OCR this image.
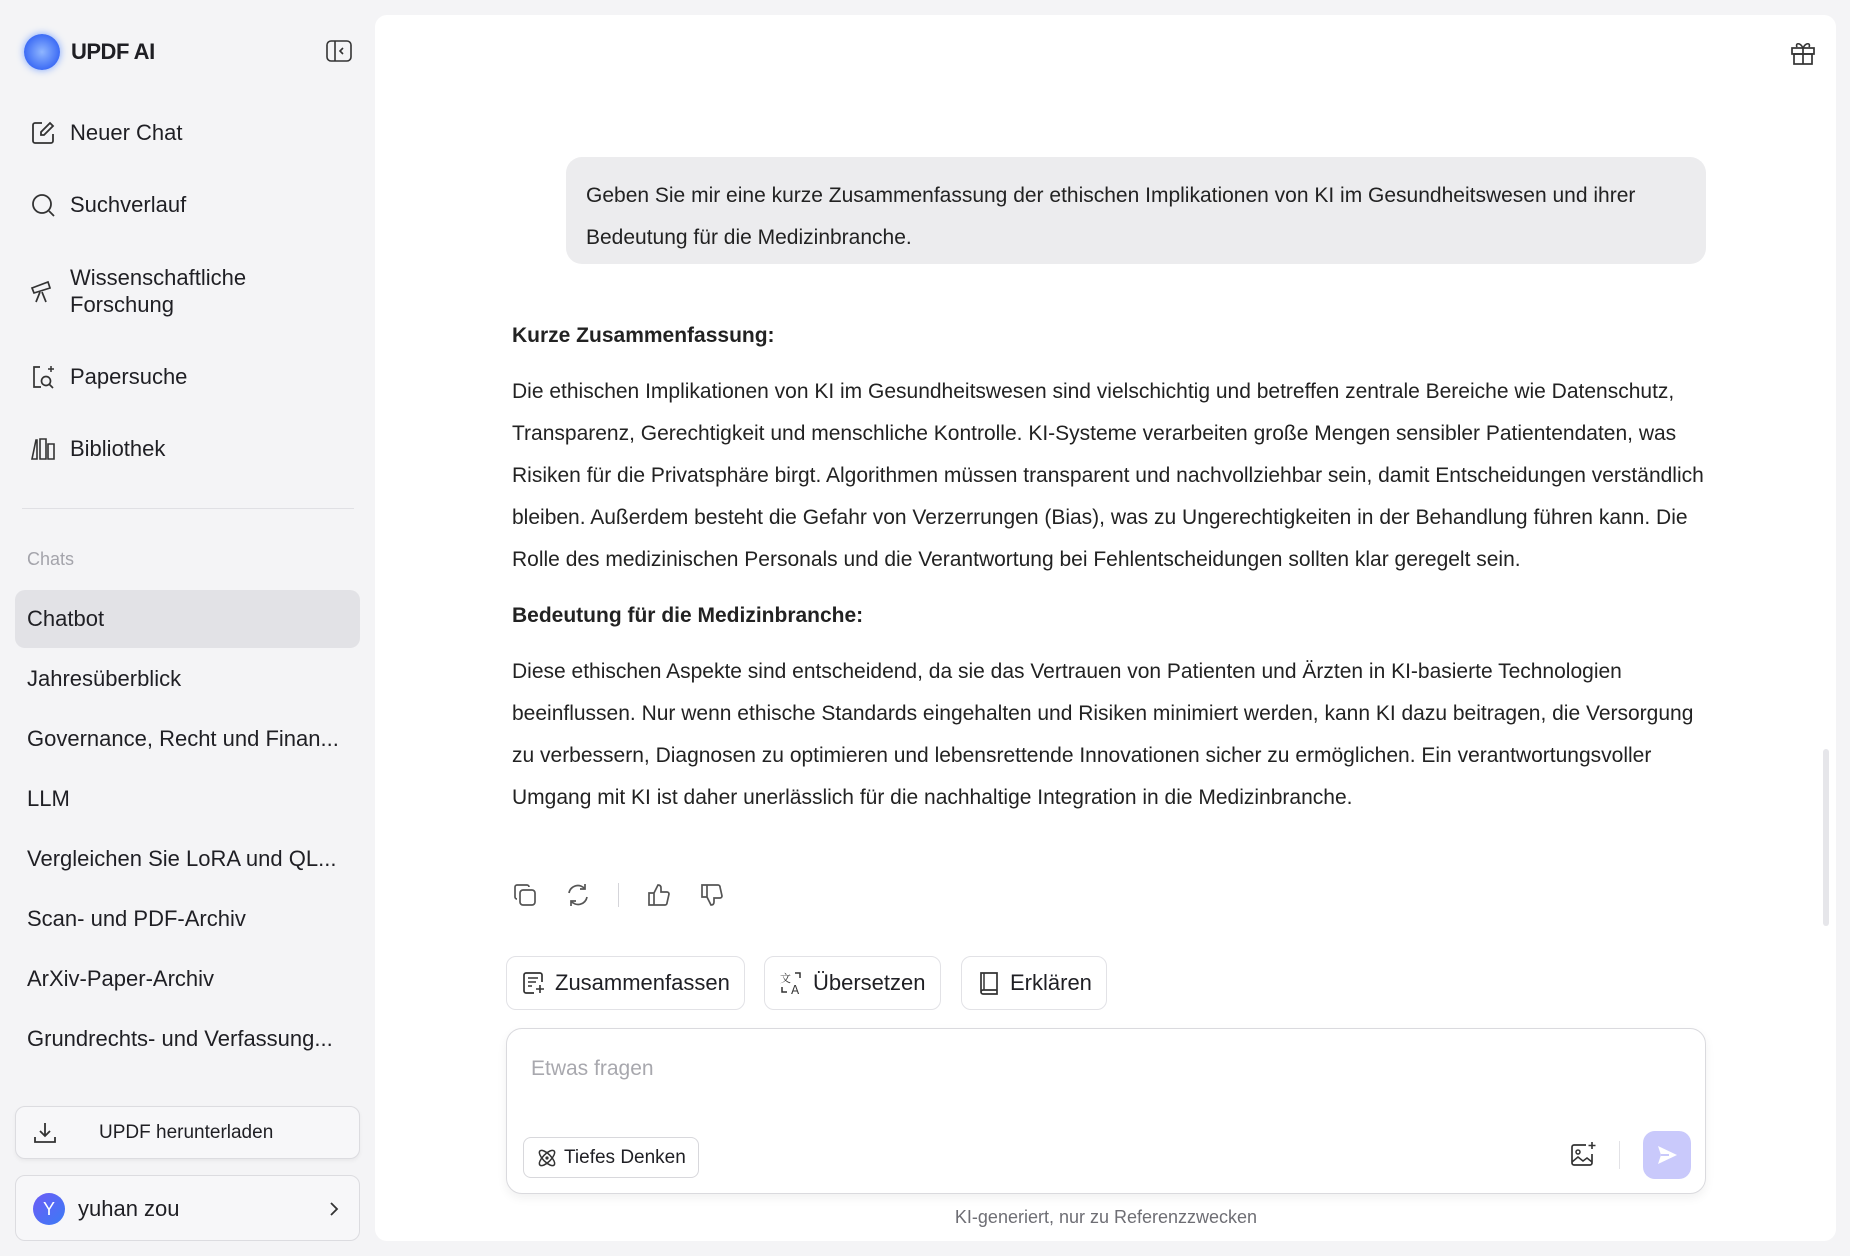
UPDF AI
Neuer Chat
Suchverlauf
Wissenschaftliche Forschung
Papersuche
Bibliothek
Chats
Chatbot
Jahresüberblick
Governance, Recht und Finan...
LLM
Vergleichen Sie LoRA und QL...
Scan- und PDF-Archiv
ArXiv-Paper-Archiv
Grundrechts- und Verfassung...
UPDF herunterladen
Y	yuhan zou
Geben Sie mir eine kurze Zusammenfassung der ethischen Implikationen von KI im Gesundheitswesen und ihrer Bedeutung für die Medizinbranche.
Kurze Zusammenfassung:

Die ethischen Implikationen von KI im Gesundheitswesen sind vielschichtig und betreffen zentrale Bereiche wie Datenschutz, Transparenz, Gerechtigkeit und menschliche Kontrolle. KI-Systeme verarbeiten große Mengen sensibler Patientendaten, was Risiken für die Privatsphäre birgt. Algorithmen müssen transparent und nachvollziehbar sein, damit Entscheidungen verständlich bleiben. Außerdem besteht die Gefahr von Verzerrungen (Bias), was zu Ungerechtigkeiten in der Behandlung führen kann. Die Rolle des medizinischen Personals und die Verantwortung bei Fehlentscheidungen sollten klar geregelt sein.

Bedeutung für die Medizinbranche:

Diese ethischen Aspekte sind entscheidend, da sie das Vertrauen von Patienten und Ärzten in KI-basierte Technologien beeinflussen. Nur wenn ethische Standards eingehalten und Risiken minimiert werden, kann KI dazu beitragen, die Versorgung zu verbessern, Diagnosen zu optimieren und lebensrettende Innovationen sicher zu ermöglichen. Ein verantwortungsvoller Umgang mit KI ist daher unerlässlich für die nachhaltige Integration in die Medizinbranche.

Zusammenfassen	文
A Übersetzen	Erklären
Etwas fragen
Tiefes Denken
KI-generiert, nur zu Referenzzwecken
